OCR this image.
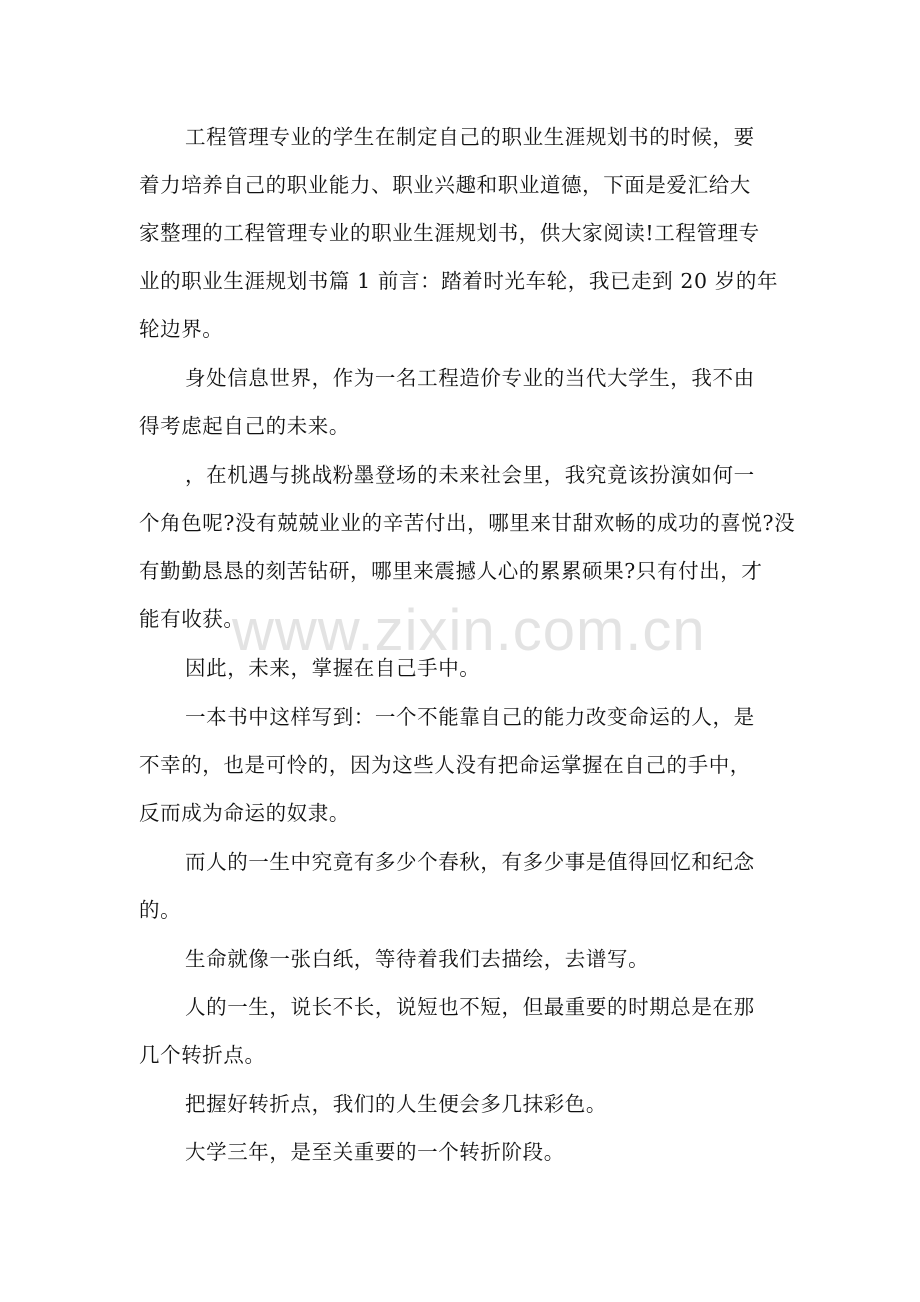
www.zixin.com.cn
工程管理专业的学生在制定自己的职业生涯规划书的时候，要
着力培养自己的职业能力、职业兴趣和职业道德，下面是爱汇给大
家整理的工程管理专业的职业生涯规划书，供大家阅读!工程管理专
业的职业生涯规划书篇 1 前言：踏着时光车轮，我已走到 20 岁的年
轮边界。
身处信息世界，作为一名工程造价专业的当代大学生，我不由
得考虑起自己的未来。
，在机遇与挑战粉墨登场的未来社会里，我究竟该扮演如何一
个角色呢?没有兢兢业业的辛苦付出，哪里来甘甜欢畅的成功的喜悦?没
有勤勤恳恳的刻苦钻研，哪里来震撼人心的累累硕果?只有付出，才
能有收获。
因此，未来，掌握在自己手中。
一本书中这样写到：一个不能靠自己的能力改变命运的人，是
不幸的，也是可怜的，因为这些人没有把命运掌握在自己的手中，
反而成为命运的奴隶。
而人的一生中究竟有多少个春秋，有多少事是值得回忆和纪念
的。
生命就像一张白纸，等待着我们去描绘，去谱写。
人的一生，说长不长，说短也不短，但最重要的时期总是在那
几个转折点。
把握好转折点，我们的人生便会多几抹彩色。
大学三年，是至关重要的一个转折阶段。
